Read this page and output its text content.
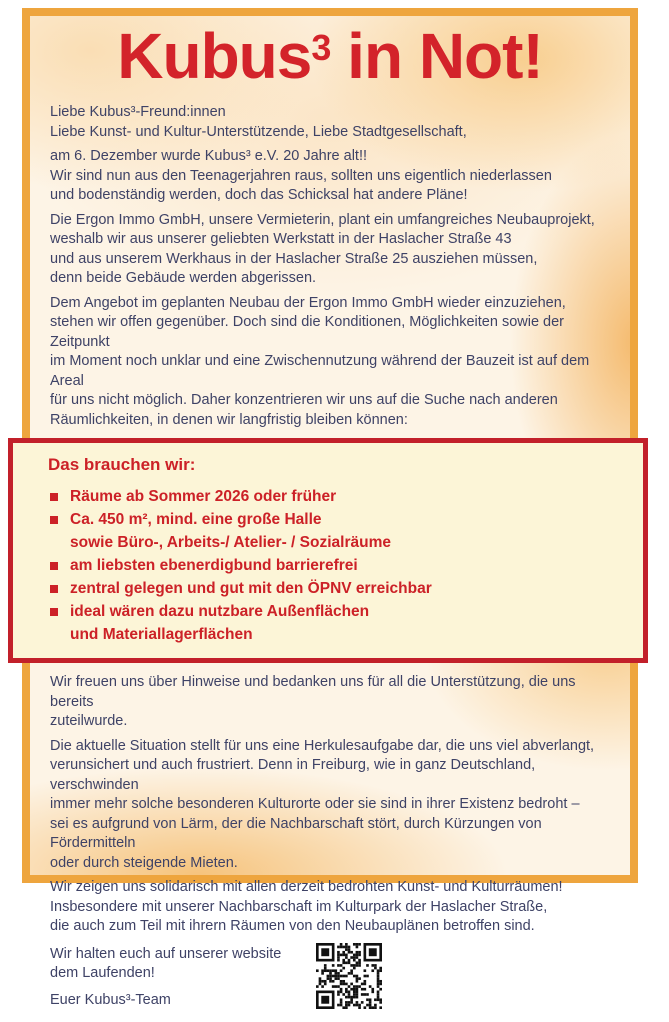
Kubus$^3$ in Not!

Liebe Kubus³-Freund:innen
Liebe Kunst- und Kultur-Unterstützende, Liebe Stadtgesellschaft,

am 6. Dezember wurde Kubus³ e.V. 20 Jahre alt!!
Wir sind nun aus den Teenagerjahren raus, sollten uns eigentlich niederlassen
und bodenständig werden, doch das Schicksal hat andere Pläne!

Die Ergon Immo GmbH, unsere Vermieterin, plant ein umfangreiches Neubauprojekt,
weshalb wir aus unserer geliebten Werkstatt in der Haslacher Straße 43
und aus unserem Werkhaus in der Haslacher Straße 25 ausziehen müssen,
denn beide Gebäude werden abgerissen.

Dem Angebot im geplanten Neubau der Ergon Immo GmbH wieder einzuziehen,
stehen wir offen gegenüber. Doch sind die Konditionen, Möglichkeiten sowie der Zeitpunkt
im Moment noch unklar und eine Zwischennutzung während der Bauzeit ist auf dem Areal
für uns nicht möglich. Daher konzentrieren wir uns auf die Suche nach anderen
Räumlichkeiten, in denen wir langfristig bleiben können:

Das brauchen wir:

Räume ab Sommer 2026 oder früher
Ca. 450 m², mind. eine große Halle
sowie Büro-, Arbeits-/ Atelier- / Sozialräume
am liebsten ebenerdigbund barrierefrei
zentral gelegen und gut mit den ÖPNV erreichbar
ideal wären dazu nutzbare Außenflächen
und Materiallagerflächen

Wir freuen uns über Hinweise und bedanken uns für all die Unterstützung, die uns bereits
zuteilwurde.

Die aktuelle Situation stellt für uns eine Herkulesaufgabe dar, die uns viel abverlangt,
verunsichert und auch frustriert. Denn in Freiburg, wie in ganz Deutschland, verschwinden
immer mehr solche besonderen Kulturorte oder sie sind in ihrer Existenz bedroht –
sei es aufgrund von Lärm, der die Nachbarschaft stört, durch Kürzungen von Fördermitteln
oder durch steigende Mieten.

Wir zeigen uns solidarisch mit allen derzeit bedrohten Kunst- und Kulturräumen!
Insbesondere mit unserer Nachbarschaft im Kulturpark der Haslacher Straße,
die auch zum Teil mit ihrern Räumen von den Neubauplänen betroffen sind.

Wir halten euch auf unserer website
dem Laufenden!

Euer Kubus³-Team
